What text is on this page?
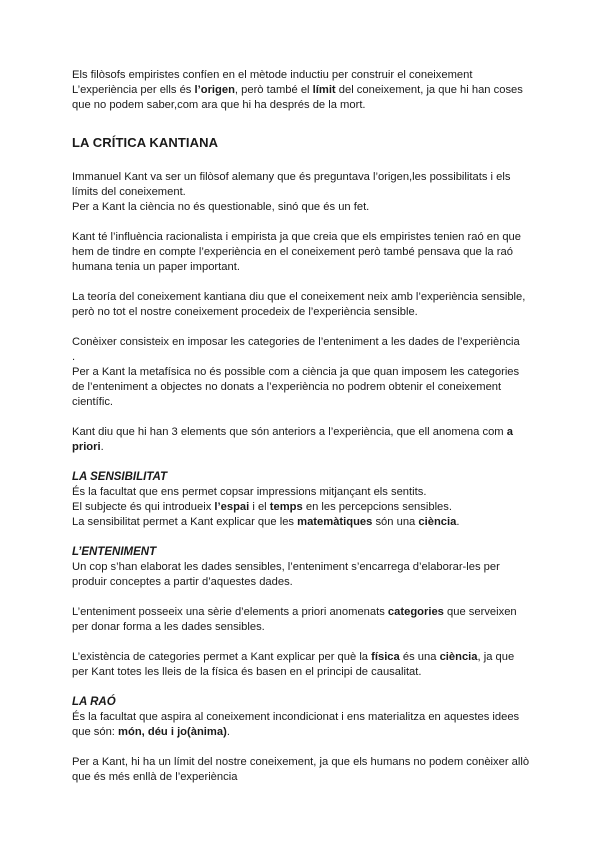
Els filòsofs empiristes confíen en el mètode inductiu per construir el coneixement
L’experiència per ells és l’origen, però també el límit del coneixement, ja que hi han coses que no podem saber,com ara que hi ha després de la mort.

LA CRÍTICA KANTIANA

Immanuel Kant va ser un filòsof alemany que és preguntava l’origen,les possibilitats i els límits del coneixement.

Per a Kant la ciència no és questionable, sinó que és un fet.

Kant té l’influència racionalista i empirista ja que creia que els empiristes tenien raó en que hem de tindre en compte l’experiència en el coneixement però també pensava que la raó humana tenia un paper important.

La teoría del coneixement kantiana diu que el coneixement neix amb l’experiència sensible, però no tot el nostre coneixement procedeix de l’experiència sensible.

Conèixer consisteix en imposar les categories de l’enteniment a les dades de l’experiència

.

Per a Kant la metafísica no és possible com a ciència ja que quan imposem les categories de l’enteniment a objectes no donats a l’experiència no podrem obtenir el coneixement científic.

Kant diu que hi han 3 elements que són anteriors a l’experiència, que ell anomena com a priori.

LA SENSIBILITAT

És la facultat que ens permet copsar impressions mitjançant els sentits.

El subjecte és qui introdueix l’espai i el temps en les percepcions sensibles.

La sensibilitat permet a Kant explicar que les matemàtiques són una ciència.

L’ENTENIMENT

Un cop s’han elaborat les dades sensibles, l’enteniment s’encarrega d’elaborar-les per produir conceptes a partir d’aquestes dades.

L’enteniment posseeix una sèrie d’elements a priori anomenats categories que serveixen per donar forma a les dades sensibles.

L’existència de categories permet a Kant explicar per què la física és una ciència, ja que per Kant totes les lleis de la física és basen en el principi de causalitat.

LA RAÓ

És la facultat que aspira al coneixement incondicionat i ens materialitza en aquestes idees que són: món, déu i jo(ànima).

Per a Kant, hi ha un límit del nostre coneixement, ja que els humans no podem conèixer allò que és més enllà de l’experiència
